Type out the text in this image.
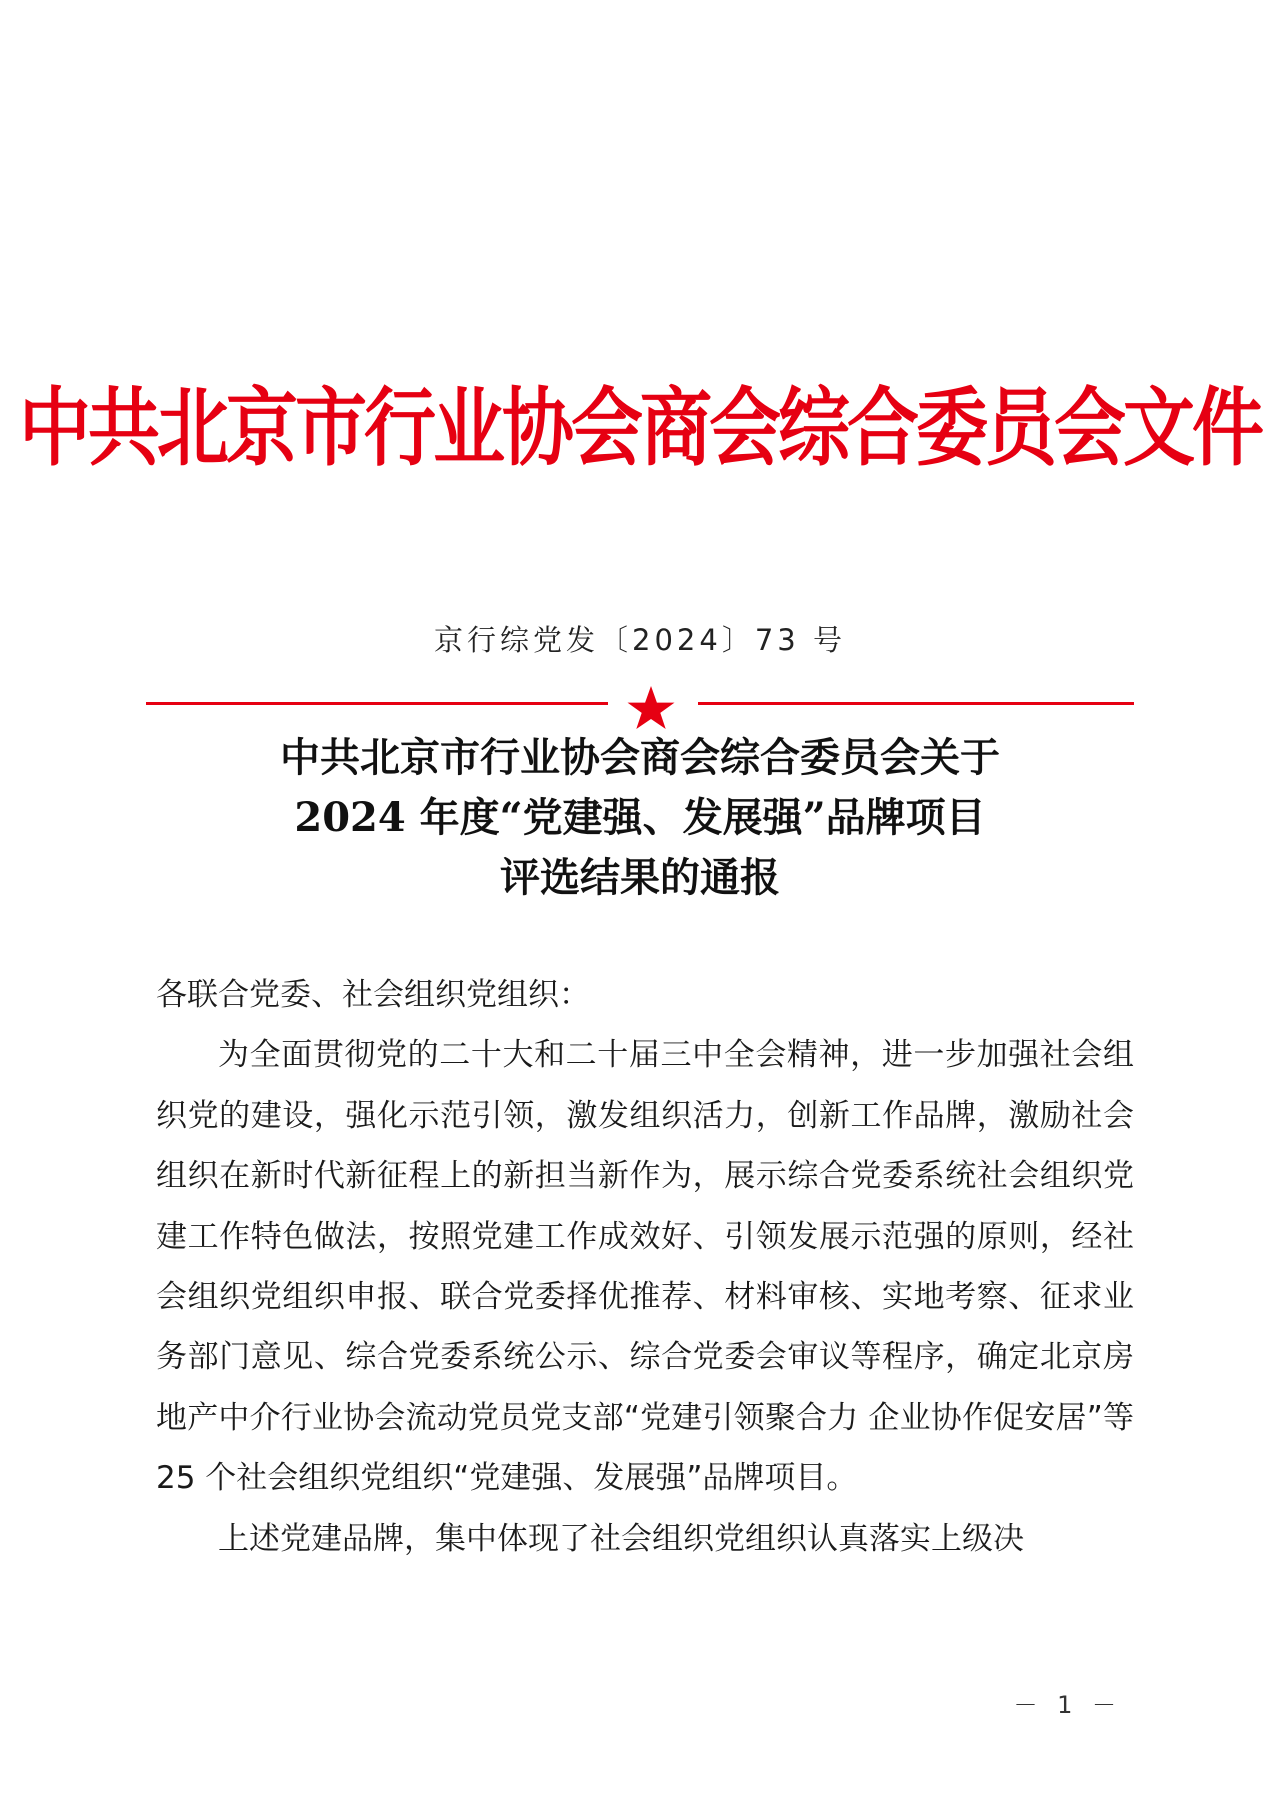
中共北京市行业协会商会综合委员会文件
京行综党发〔2024〕73 号
中共北京市行业协会商会综合委员会关于
2024 年度“党建强、发展强”品牌项目
评选结果的通报

各联合党委、社会组织党组织：

为全面贯彻党的二十大和二十届三中全会精神，进一步加强社会组织党的建设，强化示范引领，激发组织活力，创新工作品牌，激励社会组织在新时代新征程上的新担当新作为，展示综合党委系统社会组织党建工作特色做法，按照党建工作成效好、引领发展示范强的原则，经社会组织党组织申报、联合党委择优推荐、材料审核、实地考察、征求业务部门意见、综合党委系统公示、综合党委会审议等程序，确定北京房地产中介行业协会流动党员党支部“党建引领聚合力 企业协作促安居”等 25 个社会组织党组织“党建强、发展强”品牌项目。

上述党建品牌，集中体现了社会组织党组织认真落实上级决

－ 1 －
